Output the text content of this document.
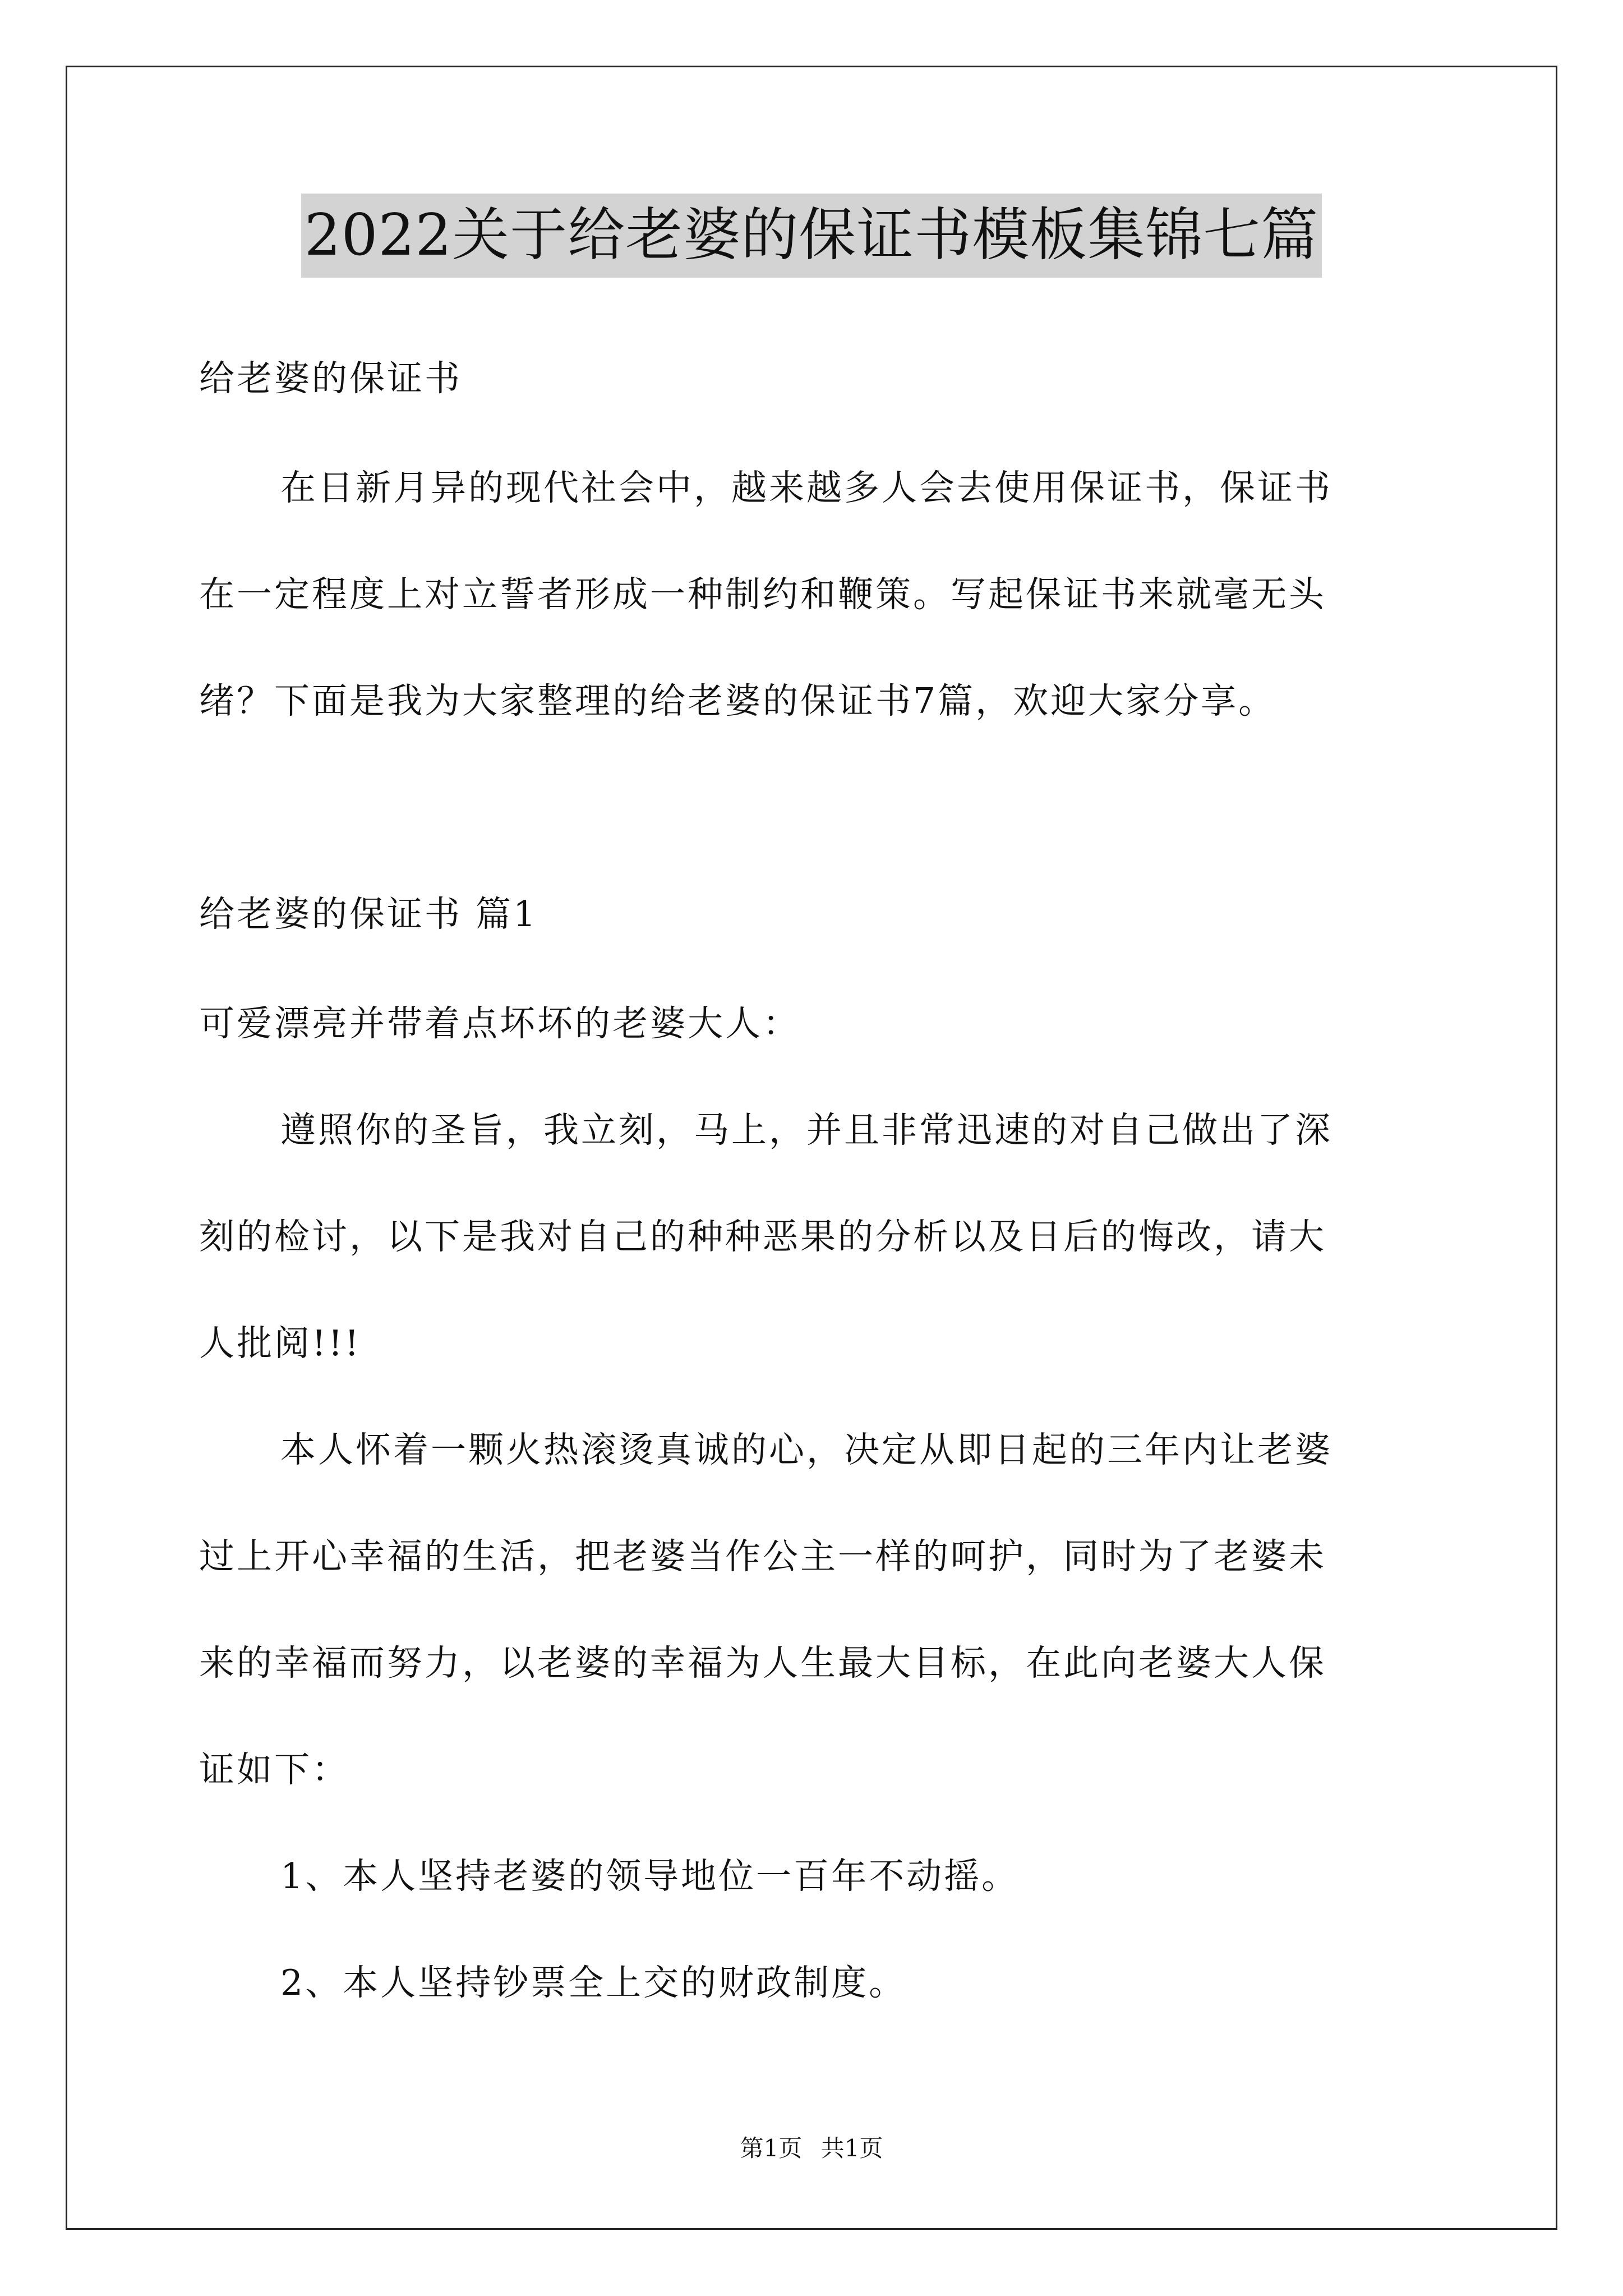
2022关于给老婆的保证书模板集锦七篇
给老婆的保证书
在日新月异的现代社会中，越来越多人会去使用保证书，保证书
在一定程度上对立誓者形成一种制约和鞭策。写起保证书来就毫无头
绪？下面是我为大家整理的给老婆的保证书7篇，欢迎大家分享。
给老婆的保证书 篇1
可爱漂亮并带着点坏坏的老婆大人：
遵照你的圣旨，我立刻，马上，并且非常迅速的对自己做出了深
刻的检讨，以下是我对自己的种种恶果的分析以及日后的悔改，请大
人批阅!!!
本人怀着一颗火热滚烫真诚的心，决定从即日起的三年内让老婆
过上开心幸福的生活，把老婆当作公主一样的呵护，同时为了老婆未
来的幸福而努力，以老婆的幸福为人生最大目标，在此向老婆大人保
证如下：
1、本人坚持老婆的领导地位一百年不动摇。
2、本人坚持钞票全上交的财政制度。
第1页 共1页
